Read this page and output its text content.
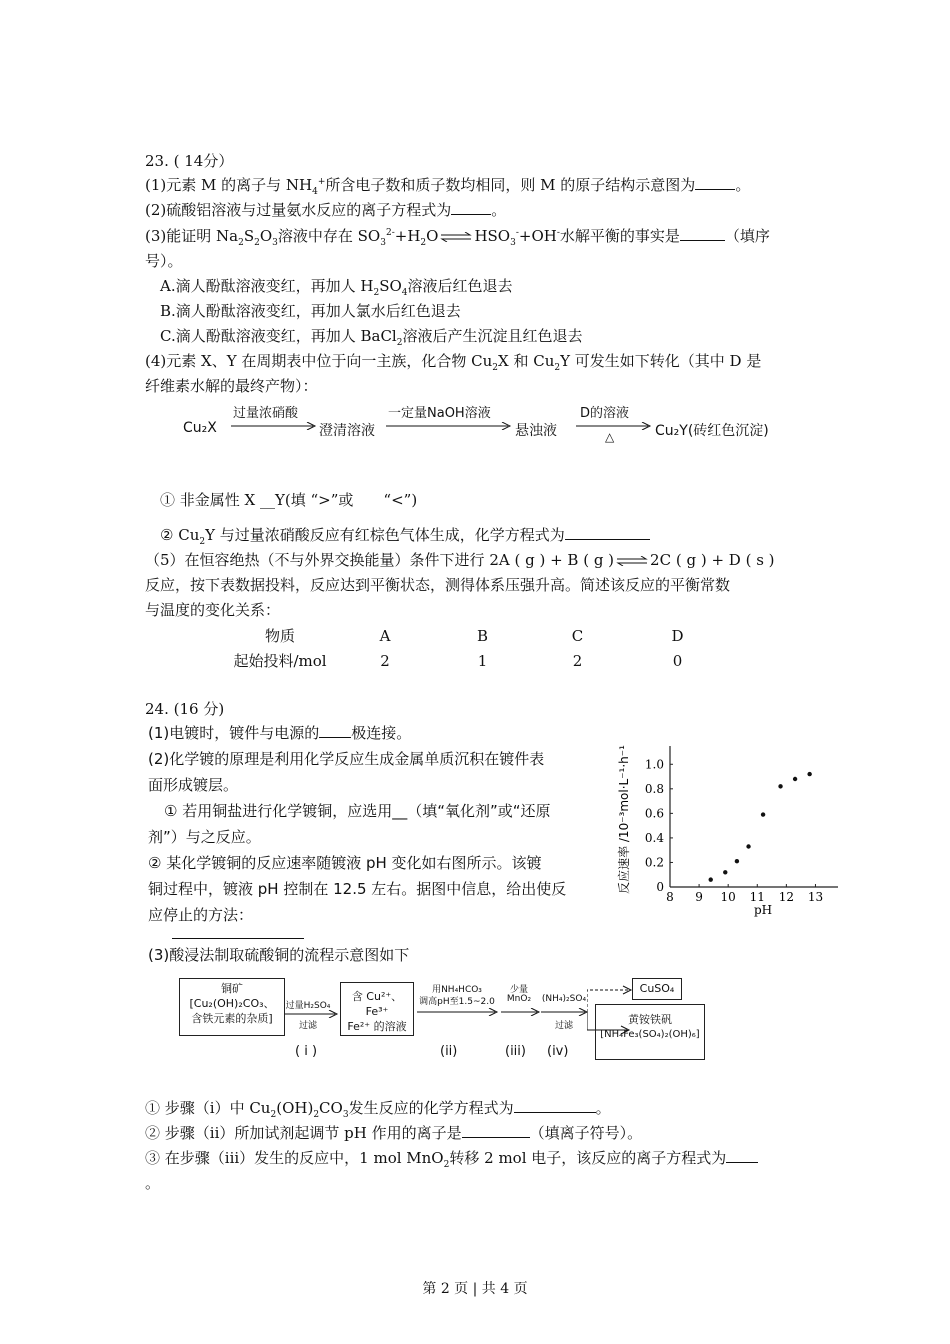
23. ( 14分）
(1)元素 M 的离子与 $NH_4^+$所含电子数和质子数均相同，则 M 的原子结构示意图为	。
(2)硫酸铝溶液与过量氨水反应的离子方程式为	。
(3)能证明 $Na_2S_2O_3$溶液中存在 $SO_3^{2-}+H_2O$ ⇌ $HSO_3^-+OH^-$水解平衡的事实是	（填序
号）。
A.滴人酚酞溶液变红，再加人 $H_2SO_4$溶液后红色退去
B.滴人酚酞溶液变红，再加人氯水后红色退去
C.滴人酚酞溶液变红，再加人 BaCl$_2$溶液后产生沉淀且红色退去
(4)元素 X、Y 在周期表中位于向一主族，化合物 $Cu_2X$ 和 $Cu_2Y$ 可发生如下转化（其中 D 是
纤维素水解的最终产物）：
Cu₂X
过量浓硝酸
澄清溶液
一定量NaOH溶液
悬浊液
D的溶液
△	Cu₂Y(砖红色沉淀)
① 非金属性 X __Y(填 “>”或　　“<”)
② $Cu_2Y$ 与过量浓硝酸反应有红棕色气体生成，化学方程式为
（5）在恒容绝热（不与外界交换能量）条件下进行 2A ( g ) + B ( g ) ⇌ 2C ( g ) + D ( s )
反应，按下表数据投料，反应达到平衡状态，测得体系压强升高。简述该反应的平衡常数
与温度的变化关系：
物质	A	B	C	D
起始投料/mol	2	1	2	0
24. (16 分)
(1)电镀时，镀件与电源的 极连接。
(2)化学镀的原理是利用化学反应生成金属单质沉积在镀件表
面形成镀层。
① 若用铜盐进行化学镀铜，应选用__（填“氧化剂”或“还原
剂”）与之反应。
② 某化学镀铜的反应速率随镀液 pH 变化如右图所示。该镀
铜过程中，镀液 pH 控制在 12.5 左右。据图中信息，给出使反
应停止的方法：
8 9 10 11 12 13
0
0.2
0.4
0.6
0.8
1.0
pH
反应速率 /10⁻³mol·L⁻¹·h⁻¹
(3)酸浸法制取硫酸铜的流程示意图如下
铜矿
[Cu₂(OH)₂CO₃、
含铁元素的杂质]
过量H₂SO₄
过滤
含 Cu²⁺、Fe³⁺
Fe²⁺ 的溶液
用NH₄HCO₃
调高pH至1.5~2.0
少量
MnO₂	(NH₄)₂SO₄
过滤
CuSO₄
黄铵铁矾
[NH₄Fe₃(SO₄)₂(OH)₆]
( i )	(ii)	(iii) (iv)
① 步骤（i）中 $Cu_2(OH)_2CO_3$发生反应的化学方程式为	。
② 步骤（ii）所加试剂起调节 pH 作用的离子是	（填离子符号）。
③ 在步骤（iii）发生的反应中，1 mol MnO$_2$转移 2 mol 电子，该反应的离子方程式为
。
第 2 页 | 共 4 页
